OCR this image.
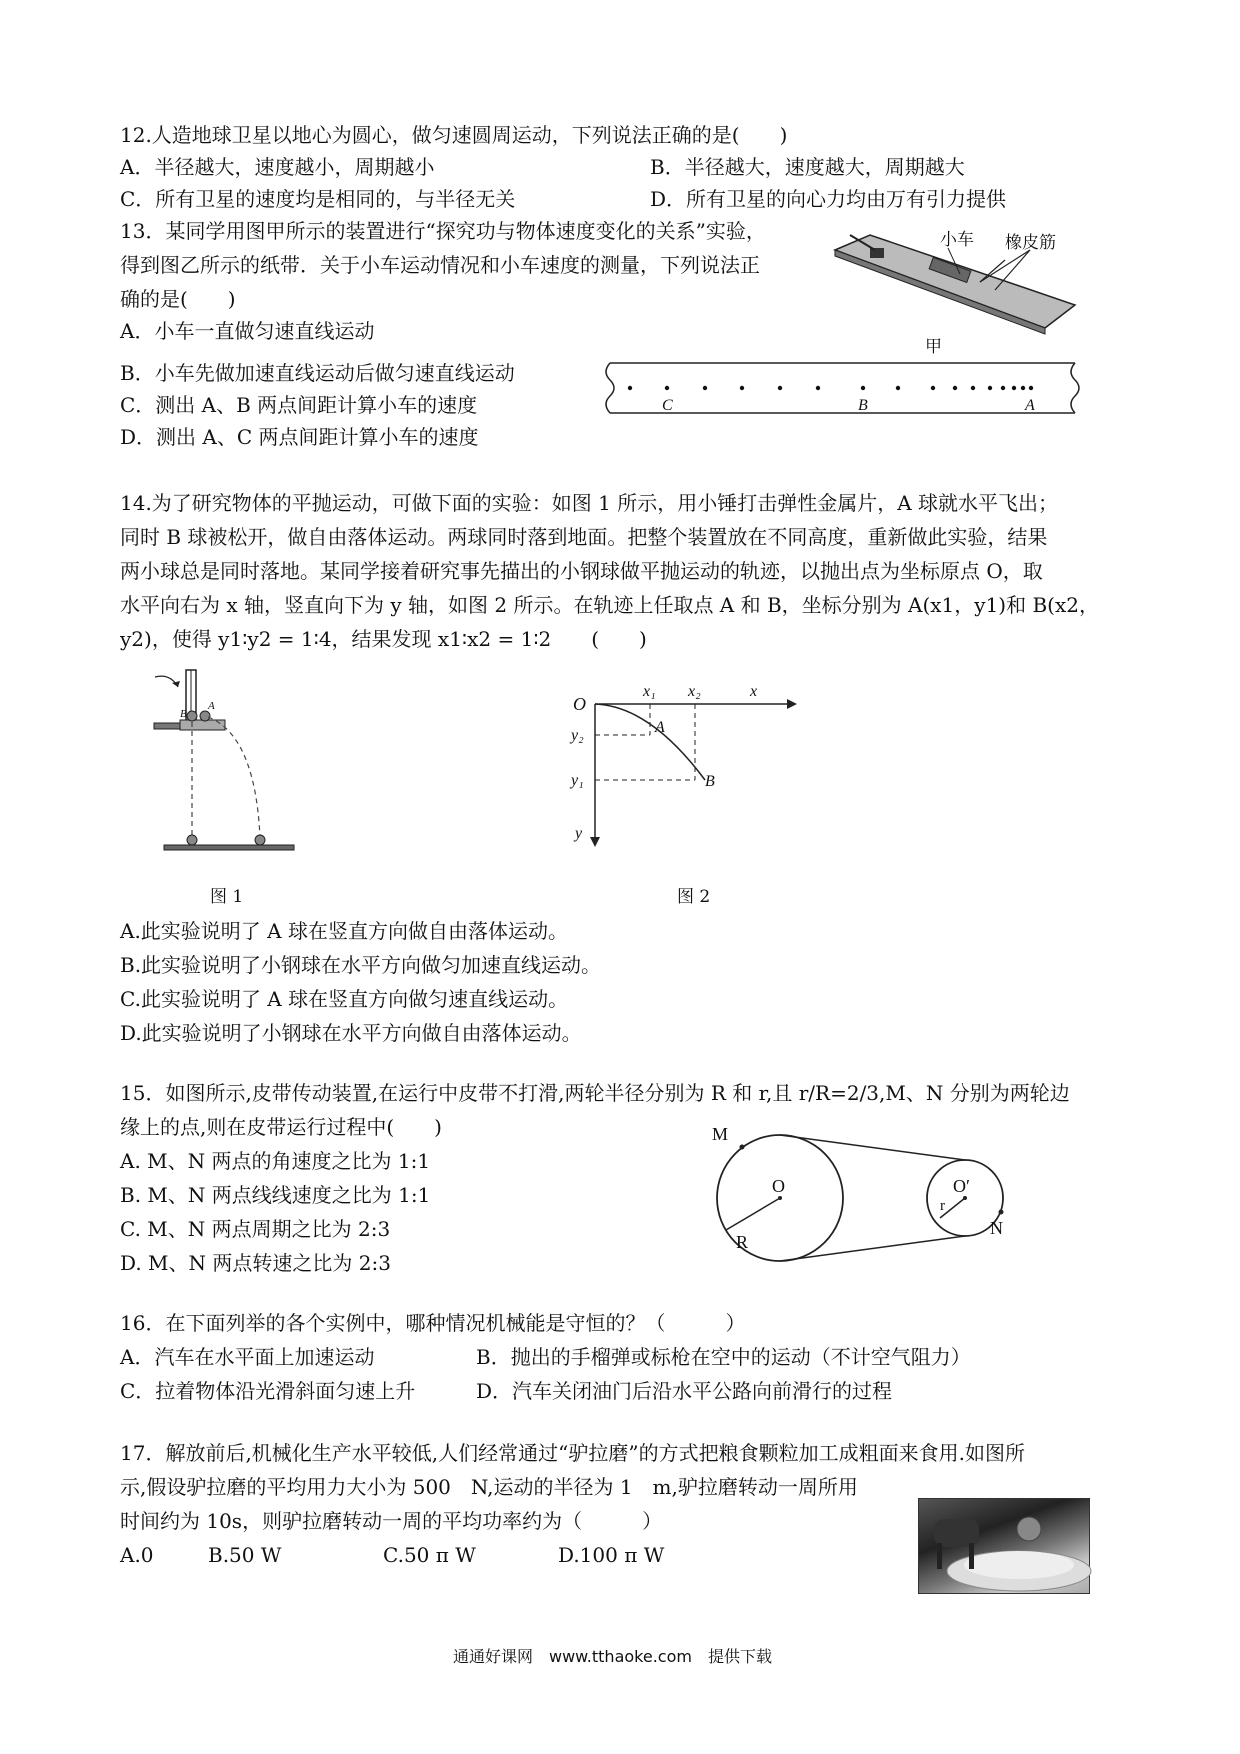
12.人造地球卫星以地心为圆心，做匀速圆周运动，下列说法正确的是(　　)
A．半径越大，速度越小，周期越小	B．半径越大，速度越大，周期越大
C．所有卫星的速度均是相同的，与半径无关	D．所有卫星的向心力均由万有引力提供
13．某同学用图甲所示的装置进行“探究功与物体速度变化的关系”实验，
得到图乙所示的纸带．关于小车运动情况和小车速度的测量，下列说法正
确的是(　　)
A．小车一直做匀速直线运动
B．小车先做加速直线运动后做匀速直线运动
C．测出 A、B 两点间距计算小车的速度
D．测出 A、C 两点间距计算小车的速度
小车 橡皮筋
甲
C	B	A
14.为了研究物体的平抛运动，可做下面的实验：如图 1 所示，用小锤打击弹性金属片，A 球就水平飞出；
同时 B 球被松开，做自由落体运动。两球同时落到地面。把整个装置放在不同高度，重新做此实验，结果
两小球总是同时落地。某同学接着研究事先描出的小钢球做平抛运动的轨迹，以抛出点为坐标原点 O，取
水平向右为 x 轴，竖直向下为 y 轴，如图 2 所示。在轨迹上任取点 A 和 B，坐标分别为 A(x1，y1)和 B(x2，
y2)，使得 y1∶y2 = 1∶4，结果发现 x1∶x2 = 1∶2　　(　　)
B
A
图 1
O
x₁ x₂	x
y₂
y₁
y
A
B
图 2
A.此实验说明了 A 球在竖直方向做自由落体运动。
B.此实验说明了小钢球在水平方向做匀加速直线运动。
C.此实验说明了 A 球在竖直方向做匀速直线运动。
D.此实验说明了小钢球在水平方向做自由落体运动。
15．如图所示,皮带传动装置,在运行中皮带不打滑,两轮半径分别为 R 和 r,且 r/R=2/3,M、N 分别为两轮边
缘上的点,则在皮带运行过程中(　　)
A. M、N 两点的角速度之比为 1:1
B. M、N 两点线线速度之比为 1:1
C. M、N 两点周期之比为 2:3
D. M、N 两点转速之比为 2:3
M
O
R
O′
r
N
16．在下面列举的各个实例中，哪种情况机械能是守恒的？（　　　）
A．汽车在水平面上加速运动	B．抛出的手榴弹或标枪在空中的运动（不计空气阻力）
C．拉着物体沿光滑斜面匀速上升	D．汽车关闭油门后沿水平公路向前滑行的过程
17．解放前后,机械化生产水平较低,人们经常通过“驴拉磨”的方式把粮食颗粒加工成粗面来食用.如图所
示,假设驴拉磨的平均用力大小为 500　N,运动的半径为 1　m,驴拉磨转动一周所用
时间约为 10s，则驴拉磨转动一周的平均功率约为（　　　）
A.0	B.50 W	C.50 π W	D.100 π W
通通好课网　www.tthaoke.com　提供下载
